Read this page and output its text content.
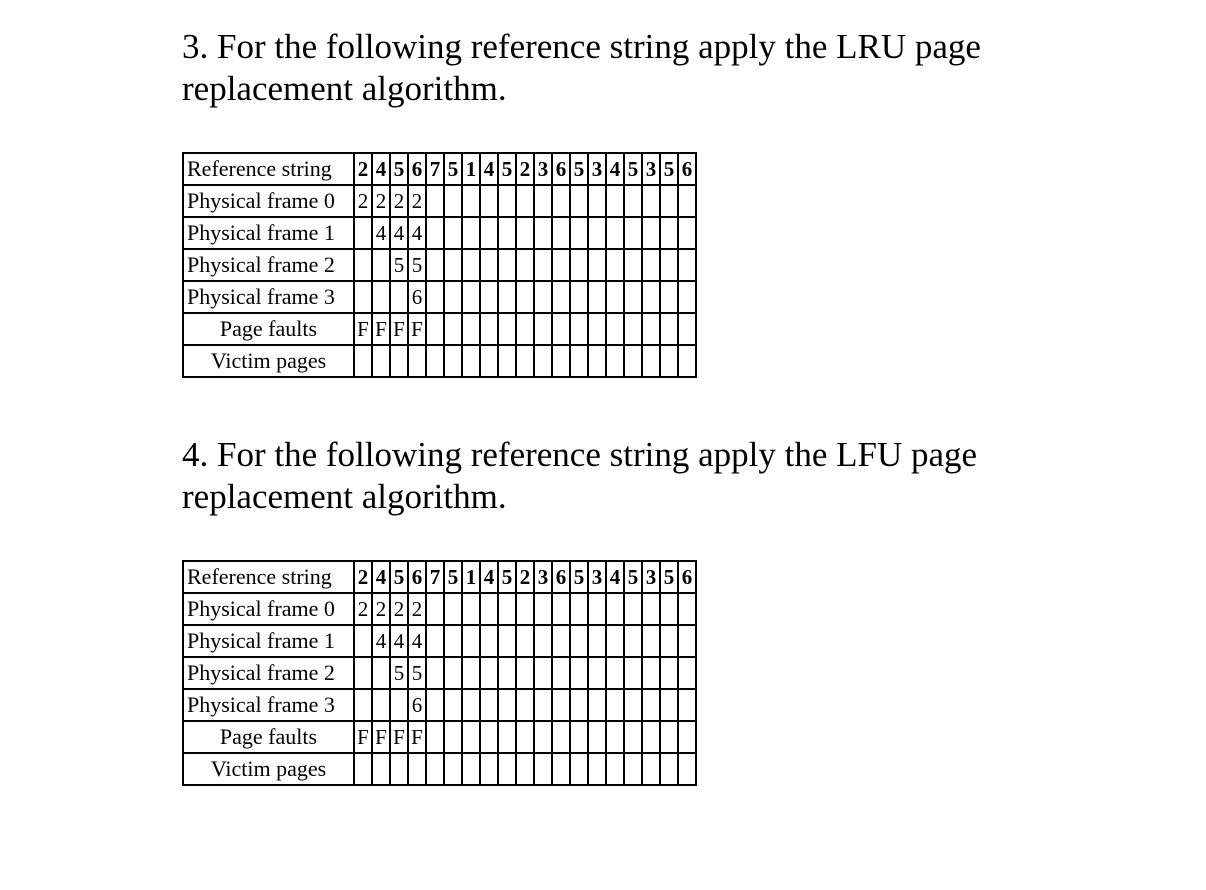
3. For the following reference string apply the LRU page replacement algorithm.

Reference string	2	4	5	6	7	5	1	4	5	2	3	6	5	3	4	5	3	5	6
Physical frame 0	2	2	2	2															
Physical frame 1		4	4	4															
Physical frame 2			5	5															
Physical frame 3				6															
Page faults	F	F	F	F															
Victim pages																			

4. For the following reference string apply the LFU page replacement algorithm.

Reference string	2	4	5	6	7	5	1	4	5	2	3	6	5	3	4	5	3	5	6
Physical frame 0	2	2	2	2															
Physical frame 1		4	4	4															
Physical frame 2			5	5															
Physical frame 3				6															
Page faults	F	F	F	F															
Victim pages																			
